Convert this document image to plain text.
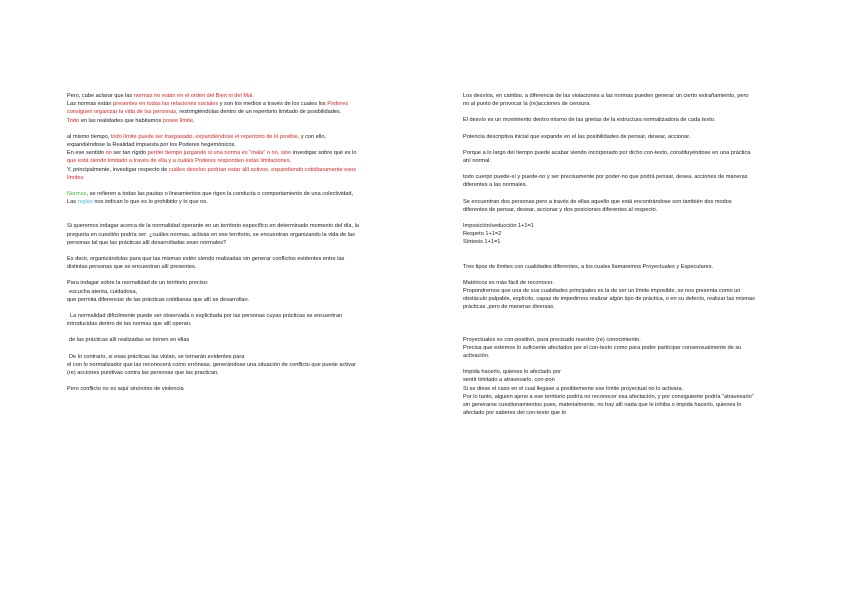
Pero, cabe aclarar que las normas no están en el orden del Bien ni del Mal.

Las normas están presentes en todas las relaciones sociales y son los medios a través de los cuales los Poderes consiguen organizar la vida de las personas, restringiéndolas dentro de un repertorio limitado de posibilidades.

Todo en las realidades que habitamos posee límite,

al mismo tiempo, todo límite puede ser traspasado, expandiéndose el repertorio de lo posible, y con ello, expandiéndose la Realidad impuesta por los Poderes hegemónicos.

En ese sentido no ser tan rígido perder tiempo juzgando si una norma es "mala" o no, sino investigar sobre qué es lo que está siendo limitado a través de ella y a cuáles Poderes responden estas limitaciones.

Y, principalmente, investigar respecto de cuáles desvíos podrían estar allí activos, expandiendo cotidianamente esos límites.

Normas, se refieren a todas las pautas o lineamientos que rigen la conducta o comportamiento de una colectividad,

Las reglas nos indican lo que es lo prohibido y lo que no.

Si queremos indagar acerca de la normalidad operante en un territorio específico en determinado momento del día, la pregunta en cuestión podría ser: ¿cuáles normas, activas en ese territorio, se encuentran organizando la vida de las personas tal que las prácticas allí desarrolladas sean normales?

Es decir, organizándolas para que las mismas estén siendo realizadas sin generar conflictos evidentes entre las distintas personas que se encuentran allí presentes.

Para indagar sobre la normalidad de un territorio preciso:

escucha atenta, cuidadosa,

que permita diferenciar de las prácticas cotidianas que allí se desarrollan.

La normalidad difícilmente puede ser observada o explicitada por las personas cuyas prácticas se encuentran introducidas dentro de las normas que allí operan.

de las prácticas allí realizadas se tornen en ellas

De lo contrario, si esas prácticas las violan, se tornarán evidentes para

el con lo normalizador que las reconocerá como erróneas, generándose una situación de conflicto que puede activar (re) acciones punitivas contra las personas que las practican.

Pero conflicto no es aquí sinónimo de violencia

Los desvíos, en cambio, a diferencia de las violaciones a las normas pueden generar un cierto extrañamiento, pero no al punto de provocar la (re)acciones de censura.

El desvío es un movimiento dentro mismo de las grietas de la estructura normalizadora de cada texto.

Potencia descriptiva inicial que expande en el las posibilidades de pensar, desear, accionar.

Porque a lo largo del tiempo puede acabar siendo incorporado por dicho con-texto, constituyéndose en una práctica ahí normal.

todo cuerpo puede-sí y puede-no y ser precisamente por poder-no que podrá pensar, desea, acciones de maneras diferentes a las normales.

Se encuentran dos personas pero a través de ellas aquello que está encontrándose son también dos modos diferentes de pensar, desear, accionar y dos posiciones diferentes al respecto.

Imposición/seducción 1+1=1

Respeto 1+1=2

Síntesis 1+1=1

Tres tipos de límites con cualidades diferentes, a los cuales llamaremos Proyectuales y Especulares.

Matéricos es más fácil de reconocer.

Propondremos que una de sus cualidades principales es la de ser un límite imposible, se nos presenta como un obstáculo palpable, explícito, capaz de impedirnos realizar algún tipo de práctica, o en su defecto, realizar las mismas prácticas ,pero de maneras diversas.

Proyectuales es con-positivo, pura precisado nuestro (re) conocimiento.

Precisa que estemos lo suficiente afectados por el con-texto como para poder participar consensualmente de su activación.

Impida hacerlo, quienes lo afectado por

sentir limitado a atravesarlo, con-pon

Si se diese el caso en el cual llegase a posiblemente ese límite proyectual no lo activara.

Por lo tanto, alguien ajeno a ese territorio podría no reconocer esa afectación, y por consiguiente podría "atravesarlo" sin generarse cuestionamientos pues, materialmente, no hay allí nada que le inhiba o impida hacerlo, quienes lo afectado por saberes del con-texto que lo
